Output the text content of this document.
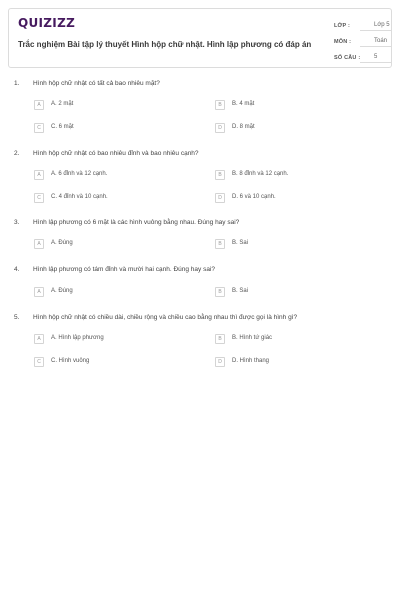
QUIZIZZ
Trắc nghiệm Bài tập lý thuyết Hình hộp chữ nhật. Hình lập phương có đáp án
LỚP :	Lớp 5
MÔN :	Toán
SỐ CÂU : 5
1. Hình hộp chữ nhật có tất cả bao nhiêu mặt?
A	A. 2 mặt	B	B. 4 mặt
C	C. 6 mặt	D	D. 8 mặt
2. Hình hộp chữ nhật có bao nhiêu đỉnh và bao nhiêu cạnh?
A	A. 6 đỉnh và 12 cạnh.	B	B. 8 đỉnh và 12 cạnh.
C	C. 4 đỉnh và 10 cạnh.	D	D. 6 và 10 cạnh.
3. Hình lập phương có 6 mặt là các hình vuông bằng nhau. Đúng hay sai?
A	A. Đúng	B	B. Sai
4. Hình lập phương có tám đỉnh và mười hai cạnh. Đúng hay sai?
A	A. Đúng	B	B. Sai
5. Hình hộp chữ nhật có chiều dài, chiều rộng và chiều cao bằng nhau thì được gọi là hình gì?
A	A. Hình lập phương	B	B. Hình tứ giác
C	C. Hình vuông	D	D. Hình thang
